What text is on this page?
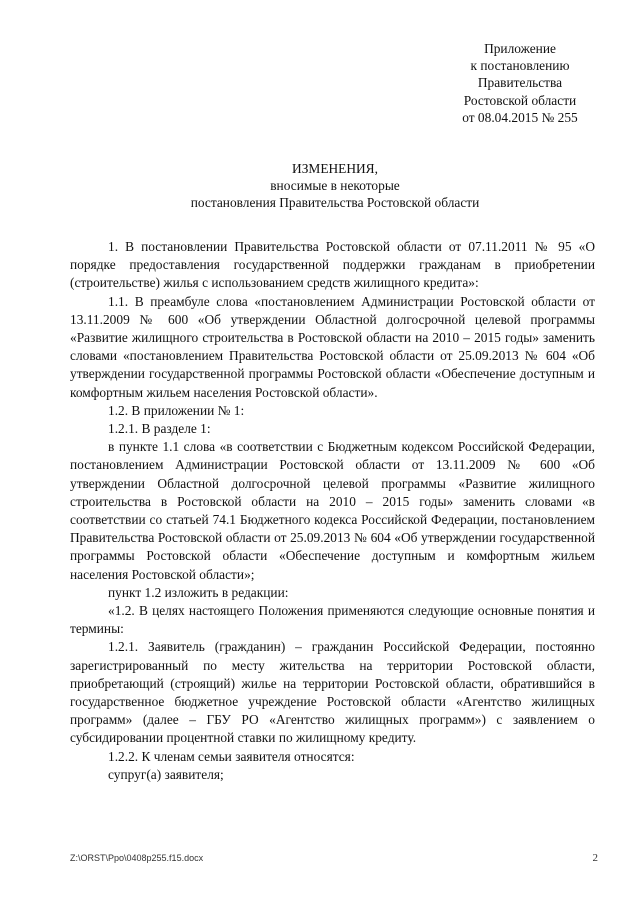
Приложение
к постановлению
Правительства
Ростовской области
от 08.04.2015 № 255
ИЗМЕНЕНИЯ,
вносимые в некоторые
постановления Правительства Ростовской области

1. В постановлении Правительства Ростовской области от 07.11.2011 № 95 «О порядке предоставления государственной поддержки гражданам в приобретении (строительстве) жилья с использованием средств жилищного кредита»:

1.1. В преамбуле слова «постановлением Администрации Ростовской области от 13.11.2009 № 600 «Об утверждении Областной долгосрочной целевой программы «Развитие жилищного строительства в Ростовской области на 2010 – 2015 годы» заменить словами «постановлением Правительства Ростовской области от 25.09.2013 № 604 «Об утверждении государственной программы Ростовской области «Обеспечение доступным и комфортным жильем населения Ростовской области».

1.2. В приложении № 1:

1.2.1. В разделе 1:

в пункте 1.1 слова «в соответствии с Бюджетным кодексом Российской Федерации, постановлением Администрации Ростовской области от 13.11.2009 № 600 «Об утверждении Областной долгосрочной целевой программы «Развитие жилищного строительства в Ростовской области на 2010 – 2015 годы» заменить словами «в соответствии со статьей 74.1 Бюджетного кодекса Российской Федерации, постановлением Правительства Ростовской области от 25.09.2013 № 604 «Об утверждении государственной программы Ростовской области «Обеспечение доступным и комфортным жильем населения Ростовской области»;

пункт 1.2 изложить в редакции:

«1.2. В целях настоящего Положения применяются следующие основные понятия и термины:

1.2.1. Заявитель (гражданин) – гражданин Российской Федерации, постоянно зарегистрированный по месту жительства на территории Ростовской области, приобретающий (строящий) жилье на территории Ростовской области, обратившийся в государственное бюджетное учреждение Ростовской области «Агентство жилищных программ» (далее – ГБУ РО «Агентство жилищных программ») с заявлением о субсидировании процентной ставки по жилищному кредиту.

1.2.2. К членам семьи заявителя относятся:

супруг(а) заявителя;

Z:\ORST\Ppo\0408p255.f15.docx	2
